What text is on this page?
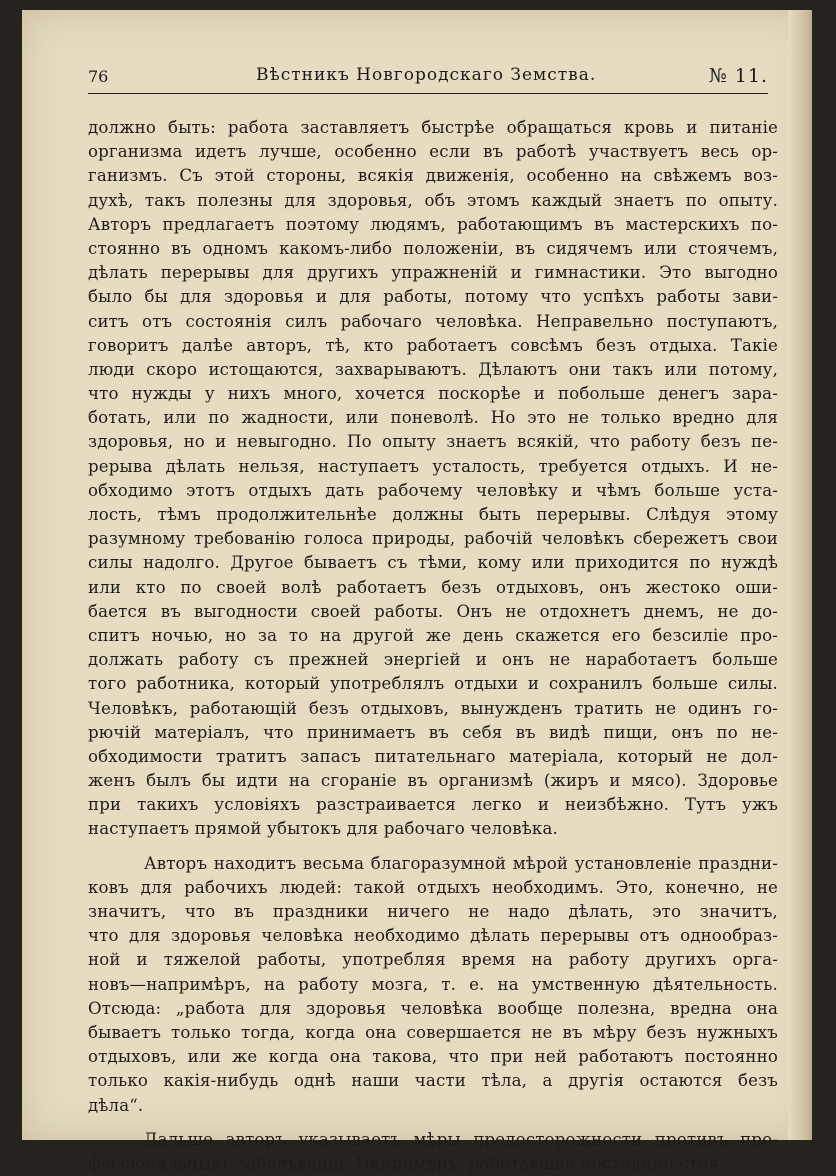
76	Вѣстникъ Новгородскаго Земства.	№ 11.
должно быть: работа заставляетъ быстрѣе обращаться кровь и питаніе
организма идетъ лучше, особенно если въ работѣ участвуетъ весь ор-
ганизмъ. Съ этой стороны, всякія движенія, особенно на свѣжемъ воз-
духѣ, такъ полезны для здоровья, объ этомъ каждый знаетъ по опыту.
Авторъ предлагаетъ поэтому людямъ, работающимъ въ мастерскихъ по-
стоянно въ одномъ какомъ-либо положеніи, въ сидячемъ или стоячемъ,
дѣлать перерывы для другихъ упражненій и гимнастики. Это выгодно
было бы для здоровья и для работы, потому что успѣхъ работы зави-
ситъ отъ состоянія силъ рабочаго человѣка. Неправельно поступаютъ,
говоритъ далѣе авторъ, тѣ, кто работаетъ совсѣмъ безъ отдыха. Такіе
люди скоро истощаются, захварываютъ. Дѣлаютъ они такъ или потому,
что нужды у нихъ много, хочется поскорѣе и побольше денегъ зара-
ботать, или по жадности, или поневолѣ. Но это не только вредно для
здоровья, но и невыгодно. По опыту знаетъ всякій, что работу безъ пе-
рерыва дѣлать нельзя, наступаетъ усталость, требуется отдыхъ. И не-
обходимо этотъ отдыхъ дать рабочему человѣку и чѣмъ больше уста-
лость, тѣмъ продолжительнѣе должны быть перерывы. Слѣдуя этому
разумному требованію голоса природы, рабочій человѣкъ сбережетъ свои
силы надолго. Другое бываетъ съ тѣми, кому или приходится по нуждѣ
или кто по своей волѣ работаетъ безъ отдыховъ, онъ жестоко оши-
бается въ выгодности своей работы. Онъ не отдохнетъ днемъ, не до-
спитъ ночью, но за то на другой же день скажется его безсиліе про-
должать работу съ прежней энергіей и онъ не наработаетъ больше
того работника, который употреблялъ отдыхи и сохранилъ больше силы.
Человѣкъ, работающій безъ отдыховъ, вынужденъ тратить не одинъ го-
рючій матеріалъ, что принимаетъ въ себя въ видѣ пищи, онъ по не-
обходимости тратитъ запасъ питательнаго матеріала, который не дол-
женъ былъ бы идти на сгораніе въ организмѣ (жиръ и мясо). Здоровье
при такихъ условіяхъ разстраивается легко и неизбѣжно. Тутъ ужъ
наступаетъ прямой убытокъ для рабочаго человѣка.
Авторъ находитъ весьма благоразумной мѣрой установленіе праздни-
ковъ для рабочихъ людей: такой отдыхъ необходимъ. Это, конечно, не
значитъ, что въ праздники ничего не надо дѣлать, это значитъ,
что для здоровья человѣка необходимо дѣлать перерывы отъ однообраз-
ной и тяжелой работы, употребляя время на работу другихъ орга-
новъ—напримѣръ, на работу мозга, т. е. на умственную дѣятельность.
Отсюда: „работа для здоровья человѣка вообще полезна, вредна она
бываетъ только тогда, когда она совершается не въ мѣру безъ нужныхъ
отдыховъ, или же когда она такова, что при ней работаютъ постоянно
только какія-нибудь однѣ наши части тѣла, а другія остаются безъ
дѣла“.
Дальше авторъ указываетъ мѣры предосторожности противъ про-
фессіональныхъ заболѣваній. Напримѣръ, работающіе постоянно стоя
